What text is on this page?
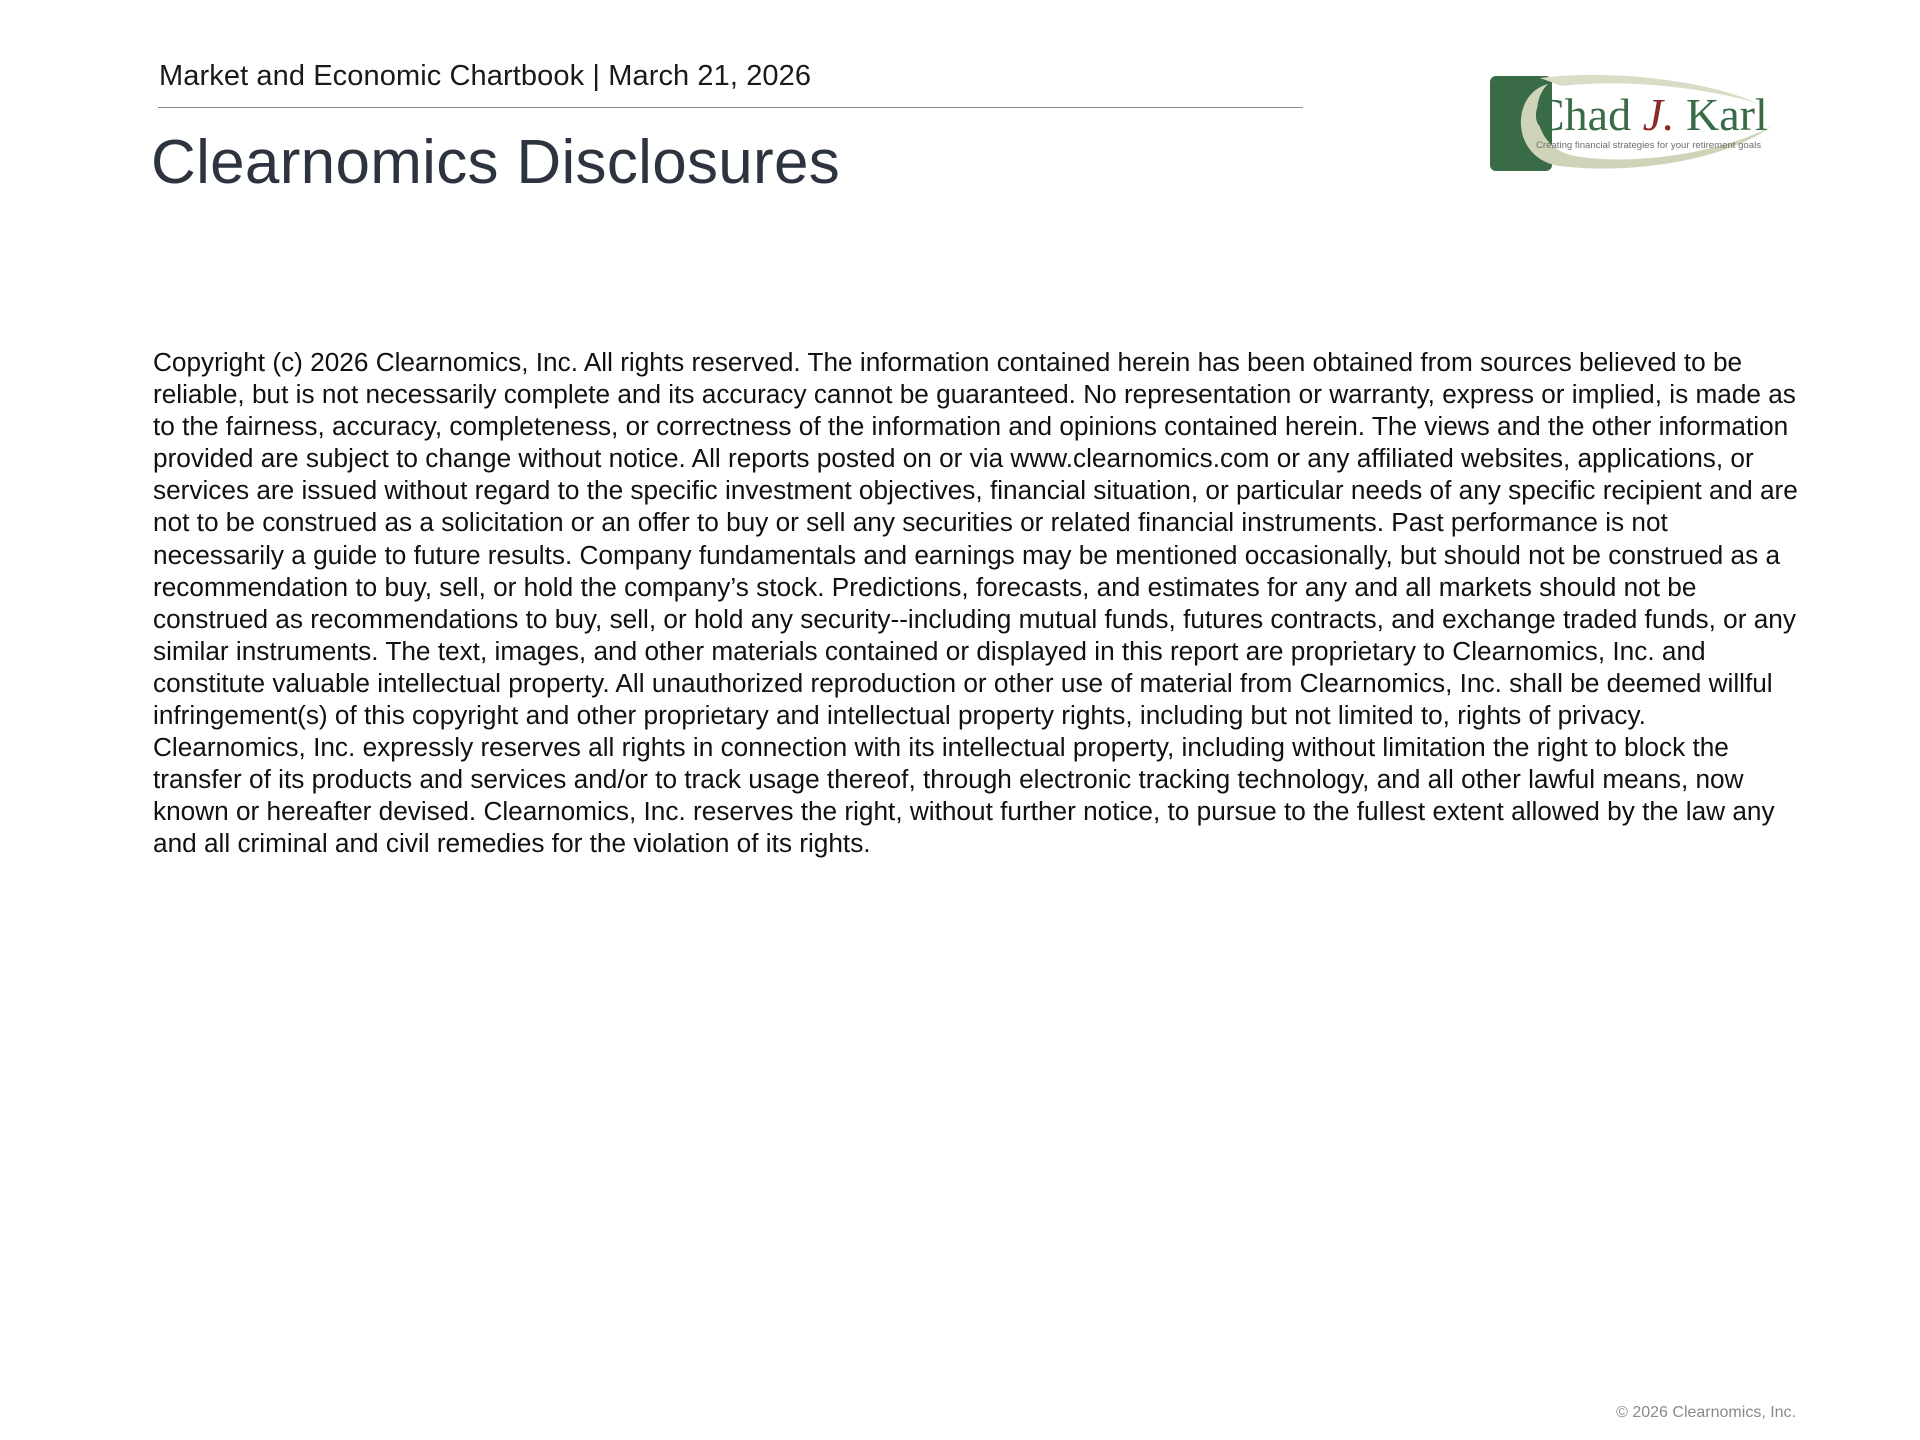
Market and Economic Chartbook | March 21, 2026
Clearnomics Disclosures
Chad J. Karl
Creating financial strategies for your retirement goals

Copyright (c) 2026 Clearnomics, Inc. All rights reserved. The information contained herein has been obtained from sources believed to be reliable, but is not necessarily complete and its accuracy cannot be guaranteed. No representation or warranty, express or implied, is made as to the fairness, accuracy, completeness, or correctness of the information and opinions contained herein. The views and the other information provided are subject to change without notice. All reports posted on or via www.clearnomics.com or any affiliated websites, applications, or services are issued without regard to the specific investment objectives, financial situation, or particular needs of any specific recipient and are not to be construed as a solicitation or an offer to buy or sell any securities or related financial instruments. Past performance is not necessarily a guide to future results. Company fundamentals and earnings may be mentioned occasionally, but should not be construed as a recommendation to buy, sell, or hold the company’s stock. Predictions, forecasts, and estimates for any and all markets should not be construed as recommendations to buy, sell, or hold any security--including mutual funds, futures contracts, and exchange traded funds, or any similar instruments. The text, images, and other materials contained or displayed in this report are proprietary to Clearnomics, Inc. and constitute valuable intellectual property. All unauthorized reproduction or other use of material from Clearnomics, Inc. shall be deemed willful infringement(s) of this copyright and other proprietary and intellectual property rights, including but not limited to, rights of privacy. Clearnomics, Inc. expressly reserves all rights in connection with its intellectual property, including without limitation the right to block the transfer of its products and services and/or to track usage thereof, through electronic tracking technology, and all other lawful means, now known or hereafter devised. Clearnomics, Inc. reserves the right, without further notice, to pursue to the fullest extent allowed by the law any and all criminal and civil remedies for the violation of its rights.

© 2026 Clearnomics, Inc.
